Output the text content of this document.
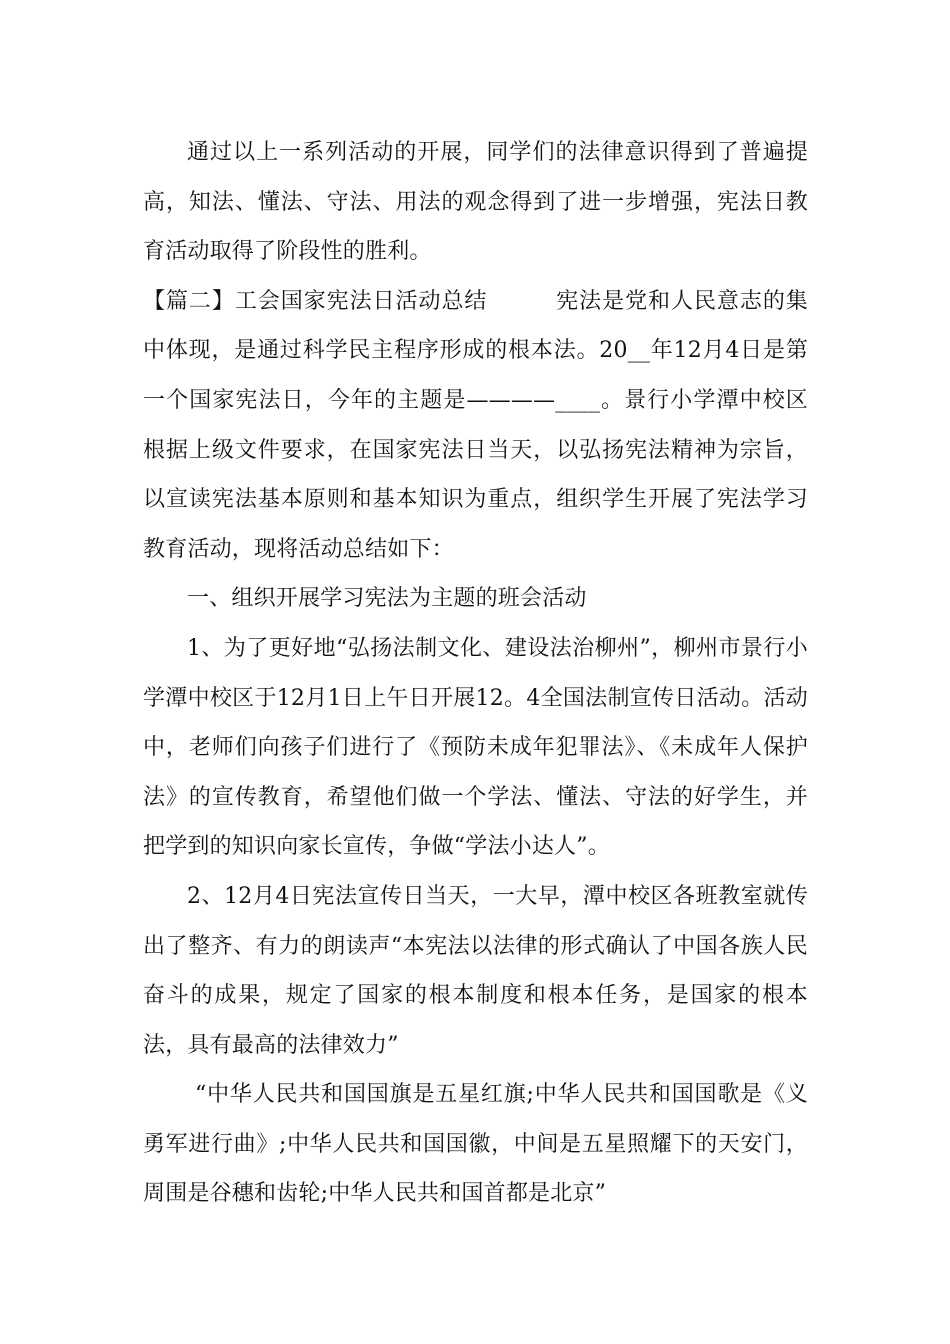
通过以上一系列活动的开展，同学们的法律意识得到了普遍提高，知法、懂法、守法、用法的观念得到了进一步增强，宪法日教育活动取得了阶段性的胜利。

【篇二】工会国家宪法日活动总结　　　宪法是党和人民意志的集中体现，是通过科学民主程序形成的根本法。20__年12月4日是第一个国家宪法日，今年的主题是————____。景行小学潭中校区根据上级文件要求，在国家宪法日当天，以弘扬宪法精神为宗旨，以宣读宪法基本原则和基本知识为重点，组织学生开展了宪法学习教育活动，现将活动总结如下：

一、组织开展学习宪法为主题的班会活动

1、为了更好地“弘扬法制文化、建设法治柳州”，柳州市景行小学潭中校区于12月1日上午日开展12。4全国法制宣传日活动。活动中，老师们向孩子们进行了《预防未成年犯罪法》、《未成年人保护法》的宣传教育，希望他们做一个学法、懂法、守法的好学生，并把学到的知识向家长宣传，争做“学法小达人”。

2、12月4日宪法宣传日当天，一大早，潭中校区各班教室就传出了整齐、有力的朗读声“本宪法以法律的形式确认了中国各族人民奋斗的成果，规定了国家的根本制度和根本任务，是国家的根本法，具有最高的法律效力”

“中华人民共和国国旗是五星红旗;中华人民共和国国歌是《义勇军进行曲》;中华人民共和国国徽，中间是五星照耀下的天安门，周围是谷穗和齿轮;中华人民共和国首都是北京”
